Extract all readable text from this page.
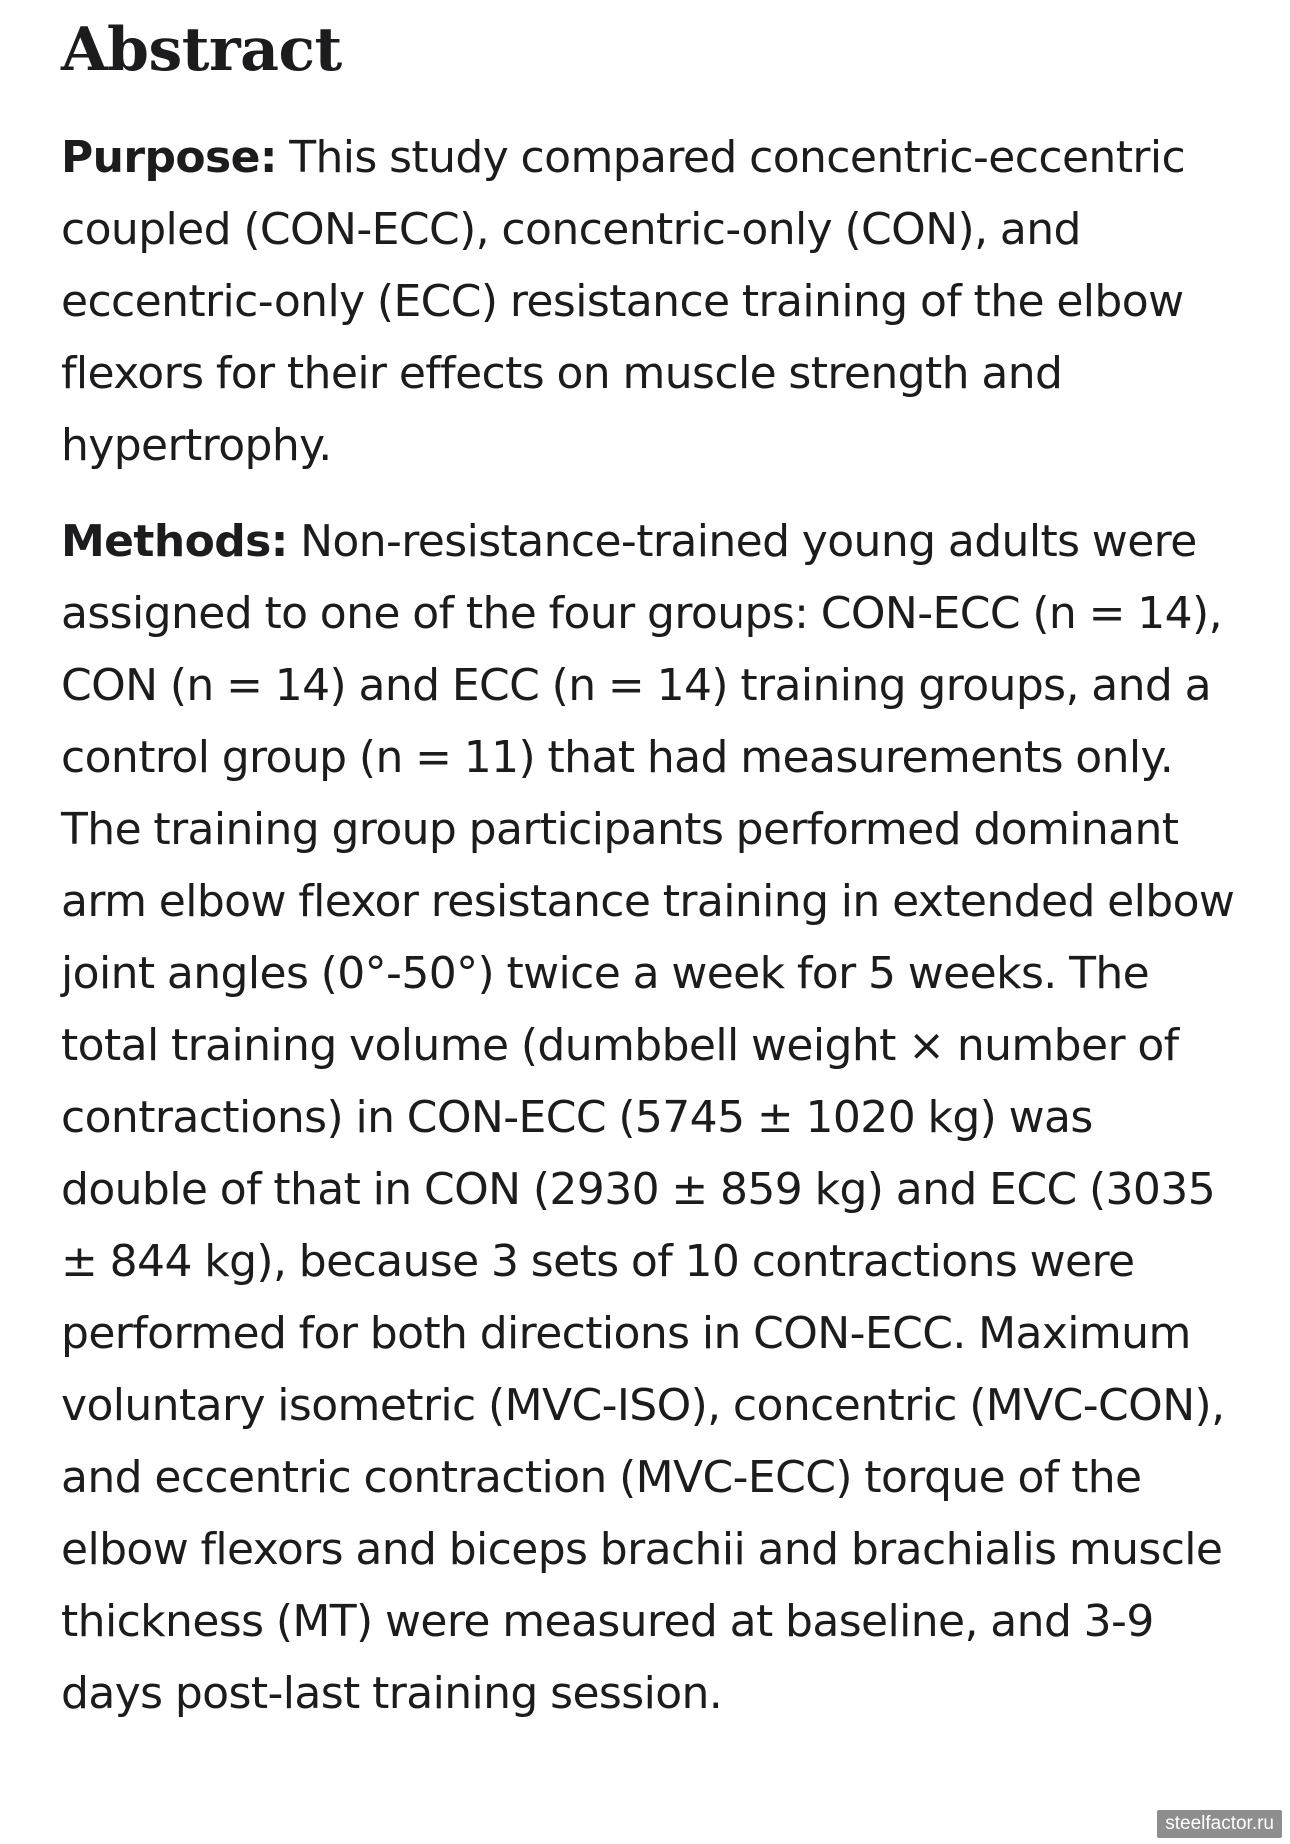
Abstract

Purpose: This study compared concentric-eccentric coupled (CON-ECC), concentric-only (CON), and eccentric-only (ECC) resistance training of the elbow flexors for their effects on muscle strength and hypertrophy.

Methods: Non-resistance-trained young adults were assigned to one of the four groups: CON-ECC (n = 14), CON (n = 14) and ECC (n = 14) training groups, and a control group (n = 11) that had measurements only. The training group participants performed dominant arm elbow flexor resistance training in extended elbow joint angles (0°-50°) twice a week for 5 weeks. The total training volume (dumbbell weight × number of contractions) in CON-ECC (5745 ± 1020 kg) was double of that in CON (2930 ± 859 kg) and ECC (3035 ± 844 kg), because 3 sets of 10 contractions were performed for both directions in CON-ECC. Maximum voluntary isometric (MVC-ISO), concentric (MVC-CON), and eccentric contraction (MVC-ECC) torque of the elbow flexors and biceps brachii and brachialis muscle thickness (MT) were measured at baseline, and 3-9 days post-last training session.

steelfactor.ru
